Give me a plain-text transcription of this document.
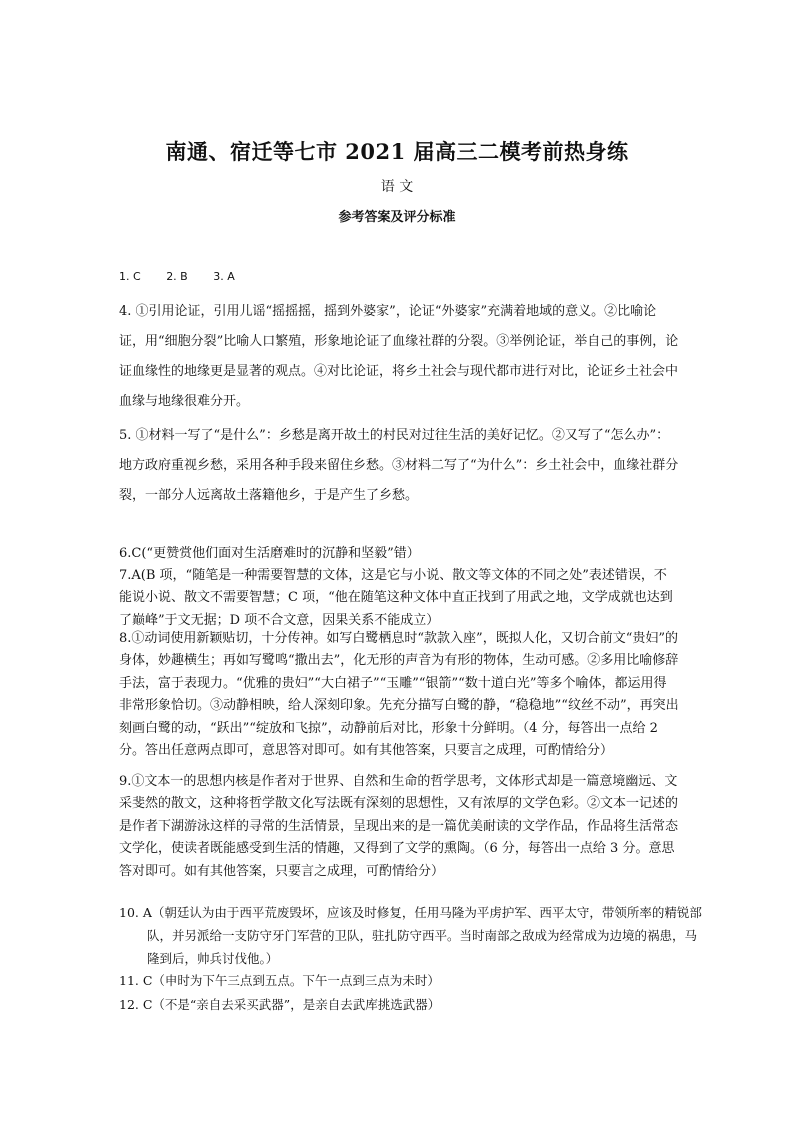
南通、宿迁等七市 2021 届高三二模考前热身练
语 文
参考答案及评分标准
1. C 2. B 3. A

4. ①引用论证，引用儿谣“摇摇摇，摇到外婆家”，论证“外婆家”充满着地域的意义。②比喻论证，用“细胞分裂”比喻人口繁殖，形象地论证了血缘社群的分裂。③举例论证，举自己的事例，论证血缘性的地缘更是显著的观点。④对比论证，将乡土社会与现代都市进行对比，论证乡土社会中血缘与地缘很难分开。

5. ①材料一写了“是什么”：乡愁是离开故土的村民对过往生活的美好记忆。②又写了“怎么办”：地方政府重视乡愁，采用各种手段来留住乡愁。③材料二写了“为什么”：乡土社会中，血缘社群分裂，一部分人远离故土落籍他乡，于是产生了乡愁。

6.C(“更赞赏他们面对生活磨难时的沉静和坚毅”错）

7.A(B 项，“随笔是一种需要智慧的文体，这是它与小说、散文等文体的不同之处”表述错误，不能说小说、散文不需要智慧；C 项，“他在随笔这种文体中直正找到了用武之地，文学成就也达到了巅峰”于文无据；D 项不合文意，因果关系不能成立）

8.①动词使用新颖贴切，十分传神。如写白鹭栖息时“款款入座”，既拟人化，又切合前文“贵妇”的身体，妙趣横生；再如写鹭鸣“撒出去”，化无形的声音为有形的物体，生动可感。②多用比喻修辞手法，富于表现力。“优雅的贵妇”“大白裙子”“玉雕”“银箭”“数十道白光”等多个喻体，都运用得非常形象恰切。③动静相映，给人深刻印象。先充分描写白鹭的静，“稳稳地”“纹丝不动”，再突出刻画白鹭的动，“跃出”“绽放和飞掠”，动静前后对比，形象十分鲜明。（4 分，每答出一点给 2 分。答出任意两点即可，意思答对即可。如有其他答案，只要言之成理，可酌情给分）

9.①文本一的思想内核是作者对于世界、自然和生命的哲学思考，文体形式却是一篇意境幽远、文采斐然的散文，这种将哲学散文化写法既有深刻的思想性，又有浓厚的文学色彩。②文本一记述的是作者下湖游泳这样的寻常的生活情景，呈现出来的是一篇优美耐读的文学作品，作品将生活常态文学化，使读者既能感受到生活的情趣，又得到了文学的熏陶。（6 分，每答出一点给 3 分。意思答对即可。如有其他答案，只要言之成理，可酌情给分）

10. A（朝廷认为由于西平荒废毁坏，应该及时修复，任用马隆为平虏护军、西平太守，带领所率的精锐部队，并另派给一支防守牙门军营的卫队，驻扎防守西平。当时南部之敌成为经常成为边境的祸患，马隆到后，帅兵讨伐他。）

11. C（申时为下午三点到五点。下午一点到三点为未时）

12. C（不是“亲自去采买武器”，是亲自去武库挑选武器）
